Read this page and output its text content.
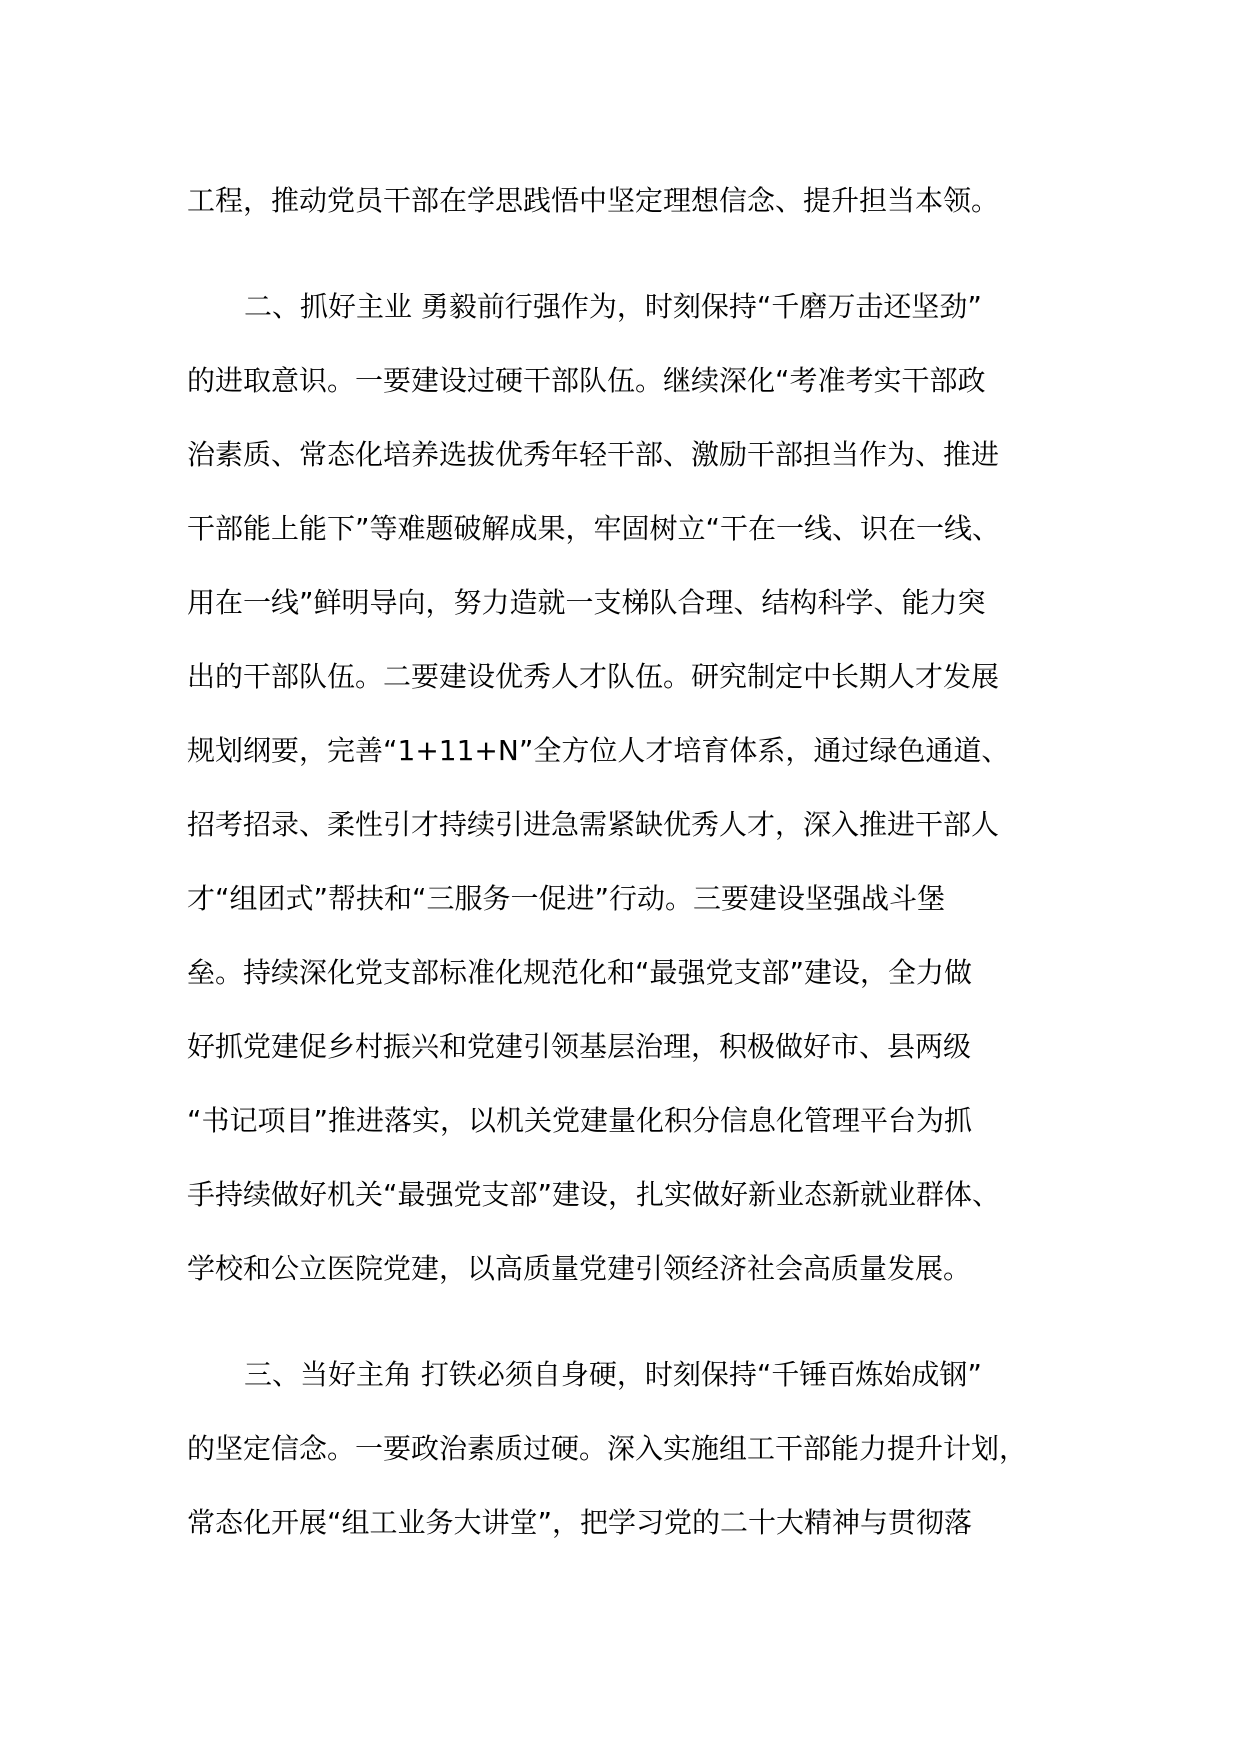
工程，推动党员干部在学思践悟中坚定理想信念、提升担当本领。
二、抓好主业 勇毅前行强作为，时刻保持“千磨万击还坚劲”
的进取意识。一要建设过硬干部队伍。继续深化“考准考实干部政
治素质、常态化培养选拔优秀年轻干部、激励干部担当作为、推进
干部能上能下”等难题破解成果，牢固树立“干在一线、识在一线、
用在一线”鲜明导向，努力造就一支梯队合理、结构科学、能力突
出的干部队伍。二要建设优秀人才队伍。研究制定中长期人才发展
规划纲要，完善“1+11+N”全方位人才培育体系，通过绿色通道、
招考招录、柔性引才持续引进急需紧缺优秀人才，深入推进干部人
才“组团式”帮扶和“三服务一促进”行动。三要建设坚强战斗堡
垒。持续深化党支部标准化规范化和“最强党支部”建设，全力做
好抓党建促乡村振兴和党建引领基层治理，积极做好市、县两级
“书记项目”推进落实，以机关党建量化积分信息化管理平台为抓
手持续做好机关“最强党支部”建设，扎实做好新业态新就业群体、
学校和公立医院党建，以高质量党建引领经济社会高质量发展。
三、当好主角 打铁必须自身硬，时刻保持“千锤百炼始成钢”
的坚定信念。一要政治素质过硬。深入实施组工干部能力提升计划，
常态化开展“组工业务大讲堂”，把学习党的二十大精神与贯彻落
